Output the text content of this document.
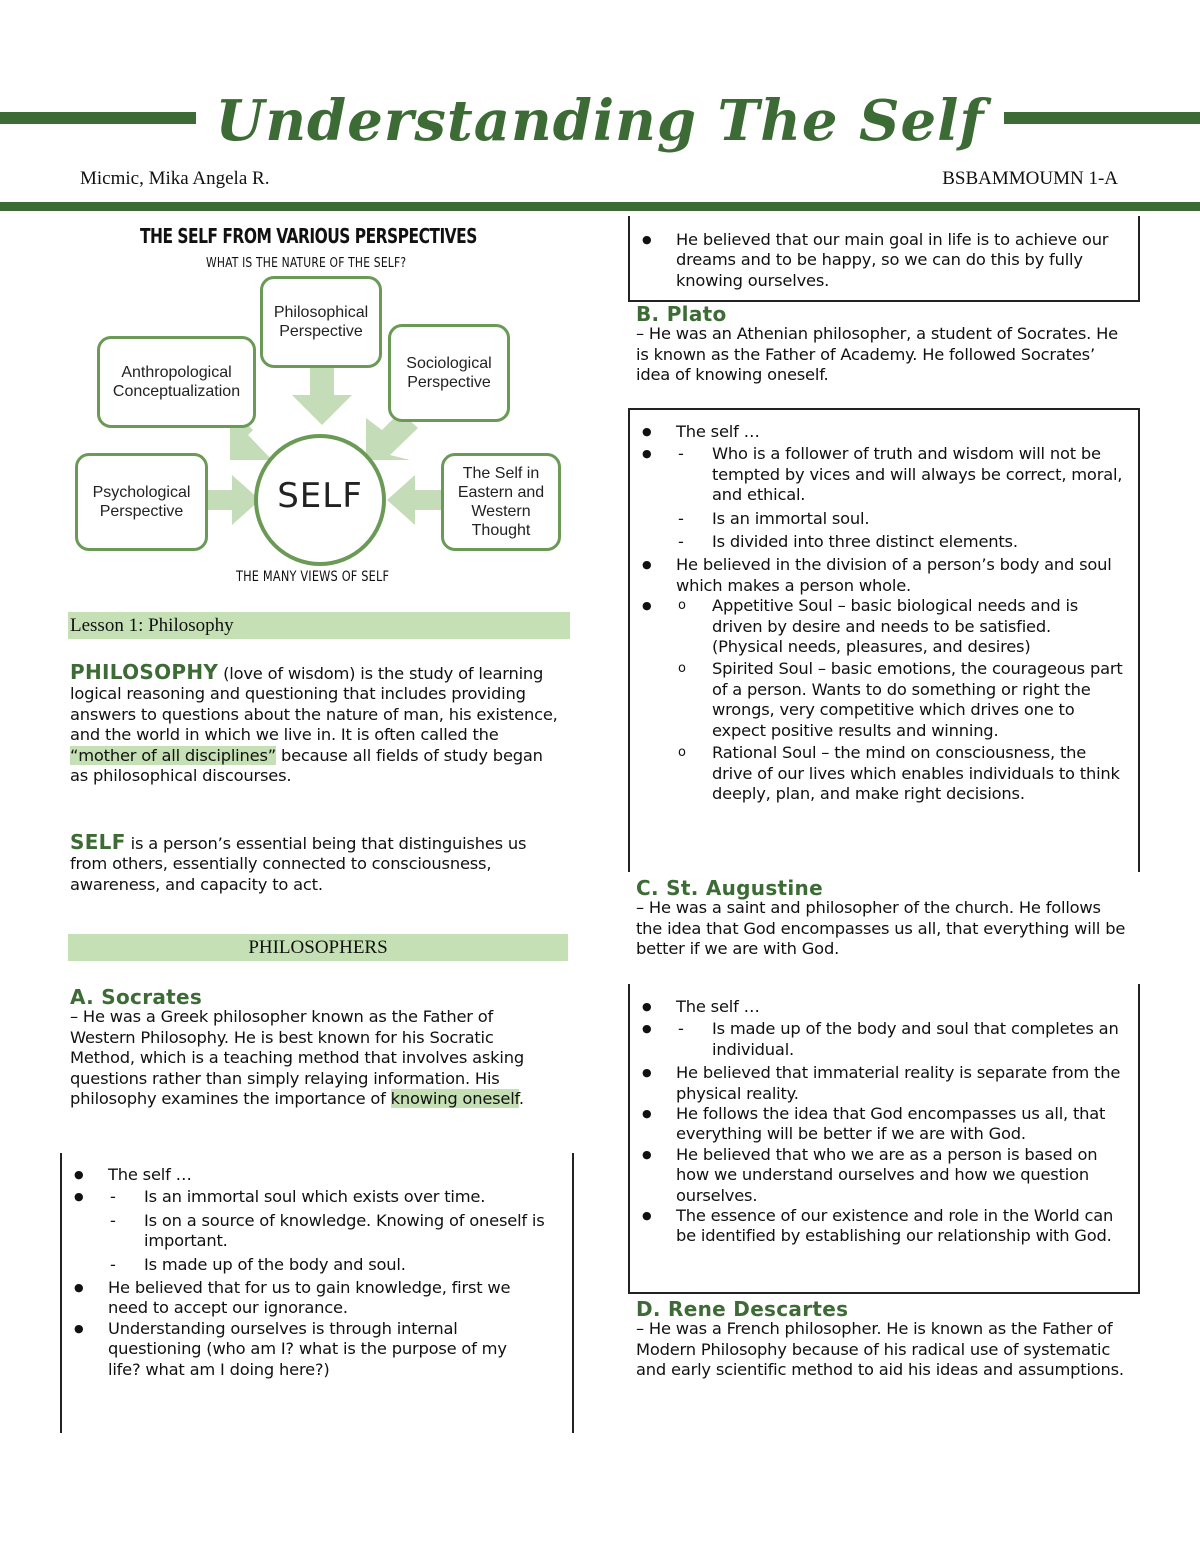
Understanding The Self
Micmic, Mika Angela R.	BSBAMMOUMN 1-A
THE SELF FROM VARIOUS PERSPECTIVES
WHAT IS THE NATURE OF THE SELF?
SELF
Philosophical Perspective
Anthropological Conceptualization
Sociological Perspective
Psychological Perspective
The Self in Eastern and Western Thought
THE MANY VIEWS OF SELF
Lesson 1: Philosophy
PHILOSOPHY (love of wisdom) is the study of learning logical reasoning and questioning that includes providing answers to questions about the nature of man, his existence, and the world in which we live in. It is often called the “mother of all disciplines” because all fields of study began as philosophical discourses.
SELF is a person’s essential being that distinguishes us from others, essentially connected to consciousness, awareness, and capacity to act.
PHILOSOPHERS
A. Socrates
– He was a Greek philosopher known as the Father of Western Philosophy. He is best known for his Socratic Method, which is a teaching method that involves asking questions rather than simply relaying information. His philosophy examines the importance of knowing oneself.
● The self …
- ● Is an immortal soul which exists over time.
- Is on a source of knowledge. Knowing of oneself is important.
- Is made up of the body and soul.
● He believed that for us to gain knowledge, first we need to accept our ignorance.
● Understanding ourselves is through internal questioning (who am I? what is the purpose of my life? what am I doing here?)
● He believed that our main goal in life is to achieve our dreams and to be happy, so we can do this by fully knowing ourselves.
B. Plato
– He was an Athenian philosopher, a student of Socrates. He is known as the Father of Academy. He followed Socrates’ idea of knowing oneself.
● The self …
- ● Who is a follower of truth and wisdom will not be tempted by vices and will always be correct, moral, and ethical.
- Is an immortal soul.
- Is divided into three distinct elements.
● He believed in the division of a person’s body and soul which makes a person whole.
o ● Appetitive Soul – basic biological needs and is driven by desire and needs to be satisfied. (Physical needs, pleasures, and desires)
o Spirited Soul – basic emotions, the courageous part of a person. Wants to do something or right the wrongs, very competitive which drives one to expect positive results and winning.
o Rational Soul – the mind on consciousness, the drive of our lives which enables individuals to think deeply, plan, and make right decisions.
C. St. Augustine
– He was a saint and philosopher of the church. He follows the idea that God encompasses us all, that everything will be better if we are with God.
● The self …
- ● Is made up of the body and soul that completes an individual.
● He believed that immaterial reality is separate from the physical reality.
● He follows the idea that God encompasses us all, that everything will be better if we are with God.
● He believed that who we are as a person is based on how we understand ourselves and how we question ourselves.
● The essence of our existence and role in the World can be identified by establishing our relationship with God.
D. Rene Descartes
– He was a French philosopher. He is known as the Father of Modern Philosophy because of his radical use of systematic and early scientific method to aid his ideas and assumptions.
